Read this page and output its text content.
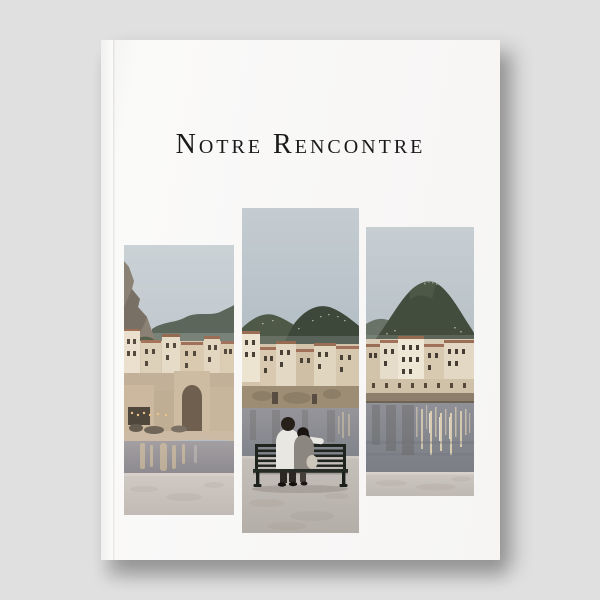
Notre Rencontre
